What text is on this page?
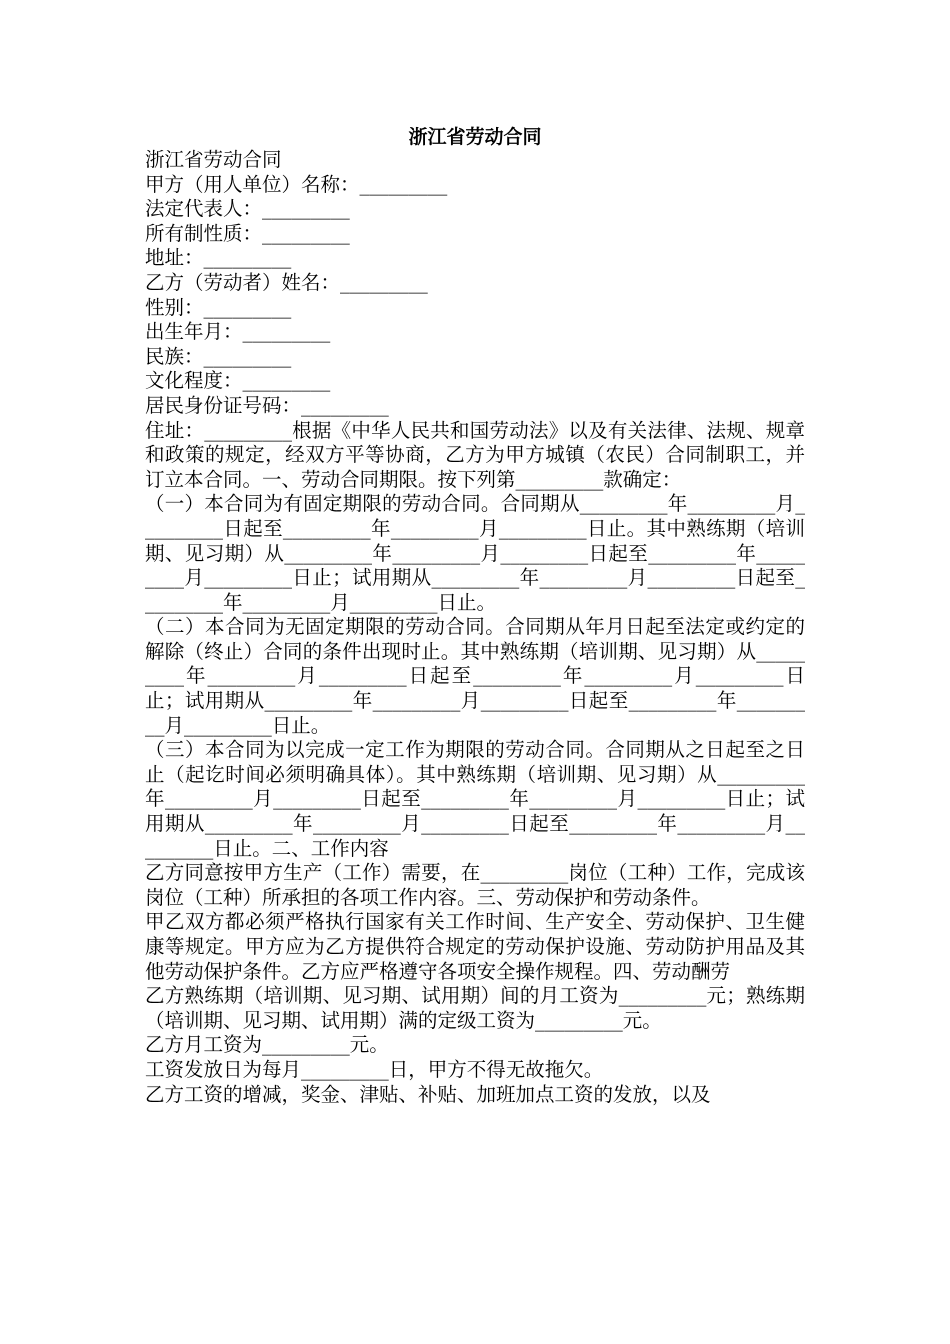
浙江省劳动合同

浙江省劳动合同

甲方（用人单位）名称：_________

法定代表人：_________

所有制性质：_________

地址：_________

乙方（劳动者）姓名：_________

性别：_________

出生年月：_________

民族：_________

文化程度：_________

居民身份证号码：_________

住址：_________根据《中华人民共和国劳动法》以及有关法律、法规、规章和政策的规定，经双方平等协商，乙方为甲方城镇（农民）合同制职工，并订立本合同。一、劳动合同期限。按下列第_________款确定：

（一）本合同为有固定期限的劳动合同。合同期从_________年_________月_________日起至_________年_________月_________日止。其中熟练期（培训期、见习期）从_________年_________月_________日起至_________年_________月_________日止；试用期从_________年_________月_________日起至_________年_________月_________日止。

（二）本合同为无固定期限的劳动合同。合同期从年月日起至法定或约定的解除（终止）合同的条件出现时止。其中熟练期（培训期、见习期）从_________年_________月_________日起至_________年_________月_________日止；试用期从_________年_________月_________日起至_________年_________月_________日止。

（三）本合同为以完成一定工作为期限的劳动合同。合同期从之日起至之日止（起讫时间必须明确具体）。其中熟练期（培训期、见习期）从_________年_________月_________日起至_________年_________月_________日止；试用期从_________年_________月_________日起至_________年_________月_________日止。二、工作内容

乙方同意按甲方生产（工作）需要，在_________岗位（工种）工作，完成该岗位（工种）所承担的各项工作内容。三、劳动保护和劳动条件。

甲乙双方都必须严格执行国家有关工作时间、生产安全、劳动保护、卫生健康等规定。甲方应为乙方提供符合规定的劳动保护设施、劳动防护用品及其他劳动保护条件。乙方应严格遵守各项安全操作规程。四、劳动酬劳

乙方熟练期（培训期、见习期、试用期）间的月工资为_________元；熟练期（培训期、见习期、试用期）满的定级工资为_________元。

乙方月工资为_________元。

工资发放日为每月_________日，甲方不得无故拖欠。

乙方工资的增减，奖金、津贴、补贴、加班加点工资的发放，以及
